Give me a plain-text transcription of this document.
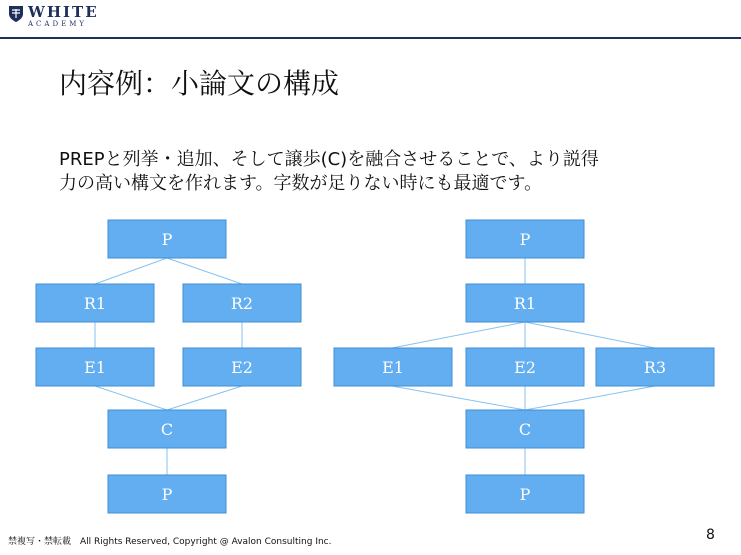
WHITE
ACADEMY
内容例：小論文の構成
PREPと列挙・追加、そして譲歩(C)を融合させることで、より説得
力の高い構文を作れます。字数が足りない時にも最適です。
P
R1	R2
E1	E2
C
P
P
R1
E1	E2	R3
C
P
禁複写・禁転載　All Rights Reserved, Copyright @ Avalon Consulting Inc.	8
